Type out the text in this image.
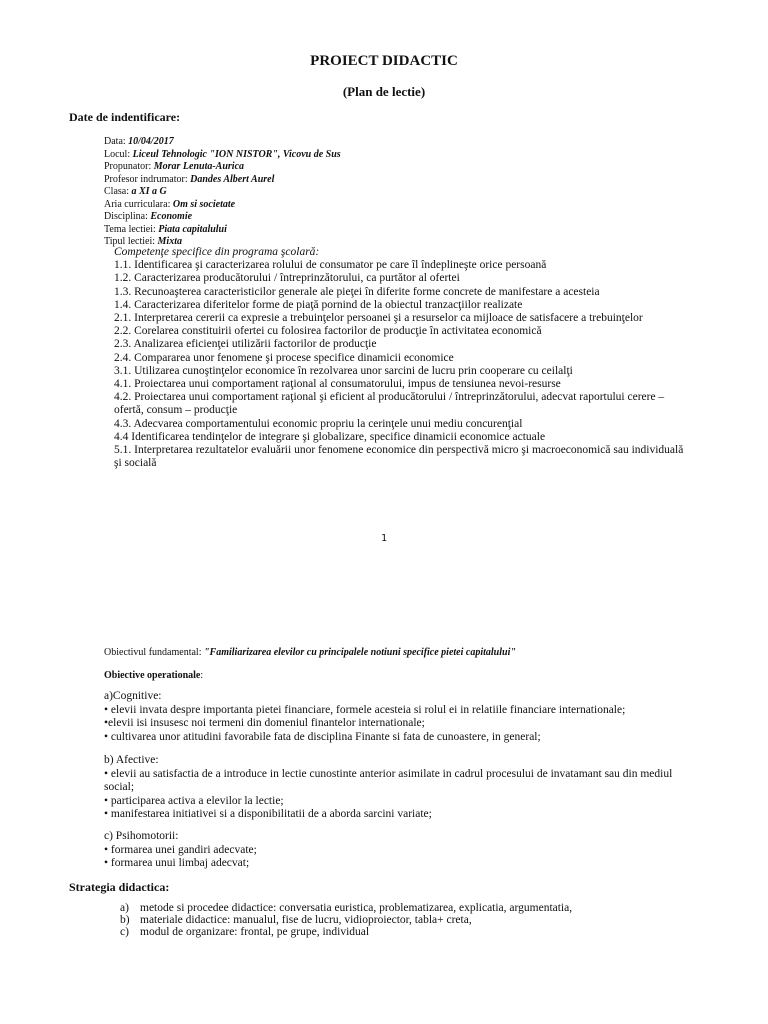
PROIECT DIDACTIC
(Plan de lectie)
Date de indentificare:
Data: 10/04/2017
Locul: Liceul Tehnologic "ION NISTOR", Vicovu de Sus
Propunator: Morar Lenuta-Aurica
Profesor indrumator: Dandes Albert Aurel
Clasa: a XI a G
Aria curriculara: Om si societate
Disciplina: Economie
Tema lectiei: Piata capitalului
Tipul lectiei: Mixta
Competenţe specifice din programa şcolară:
1.1. Identificarea şi caracterizarea rolului de consumator pe care îl îndeplineşte orice persoană
1.2. Caracterizarea producătorului / întreprinzătorului, ca purtător al ofertei
1.3. Recunoaşterea caracteristicilor generale ale pieţei în diferite forme concrete de manifestare a acesteia
1.4. Caracterizarea diferitelor forme de piaţă pornind de la obiectul tranzacţiilor realizate
2.1. Interpretarea cererii ca expresie a trebuinţelor persoanei şi a resurselor ca mijloace de satisfacere a trebuinţelor
2.2. Corelarea constituirii ofertei cu folosirea factorilor de producţie în activitatea economică
2.3. Analizarea eficienţei utilizării factorilor de producţie
2.4. Compararea unor fenomene şi procese specifice dinamicii economice
3.1. Utilizarea cunoştinţelor economice în rezolvarea unor sarcini de lucru prin cooperare cu ceilalţi
4.1. Proiectarea unui comportament raţional al consumatorului, impus de tensiunea nevoi-resurse
4.2. Proiectarea unui comportament raţional şi eficient al producătorului / întreprinzătorului, adecvat raportului cerere –
ofertă, consum – producţie
4.3. Adecvarea comportamentului economic propriu la cerinţele unui mediu concurenţial
4.4 Identificarea tendinţelor de integrare şi globalizare, specifice dinamicii economice actuale
5.1. Interpretarea rezultatelor evaluării unor fenomene economice din perspectivă micro şi macroeconomică sau individuală
şi socială
1
Obiectivul fundamental: "Familiarizarea elevilor cu principalele notiuni specifice pietei capitalului"
Obiective operationale:
a)Cognitive:
• elevii invata despre importanta pietei financiare, formele acesteia si rolul ei in relatiile financiare internationale;
•elevii isi insusesc noi termeni din domeniul finantelor internationale;
• cultivarea unor atitudini favorabile fata de disciplina Finante si fata de cunoastere, in general;
b) Afective:
• elevii au satisfactia de a introduce in lectie cunostinte anterior asimilate in cadrul procesului de invatamant sau din mediul social;
• participarea activa a elevilor la lectie;
• manifestarea initiativei si a disponibilitatii de a aborda sarcini variate;
c) Psihomotorii:
• formarea unei gandiri adecvate;
• formarea unui limbaj adecvat;
Strategia didactica:
a) metode si procedee didactice: conversatia euristica, problematizarea, explicatia, argumentatia,
b) materiale didactice: manualul, fise de lucru, vidioproiector, tabla+ creta,
c) modul de organizare: frontal, pe grupe, individual
